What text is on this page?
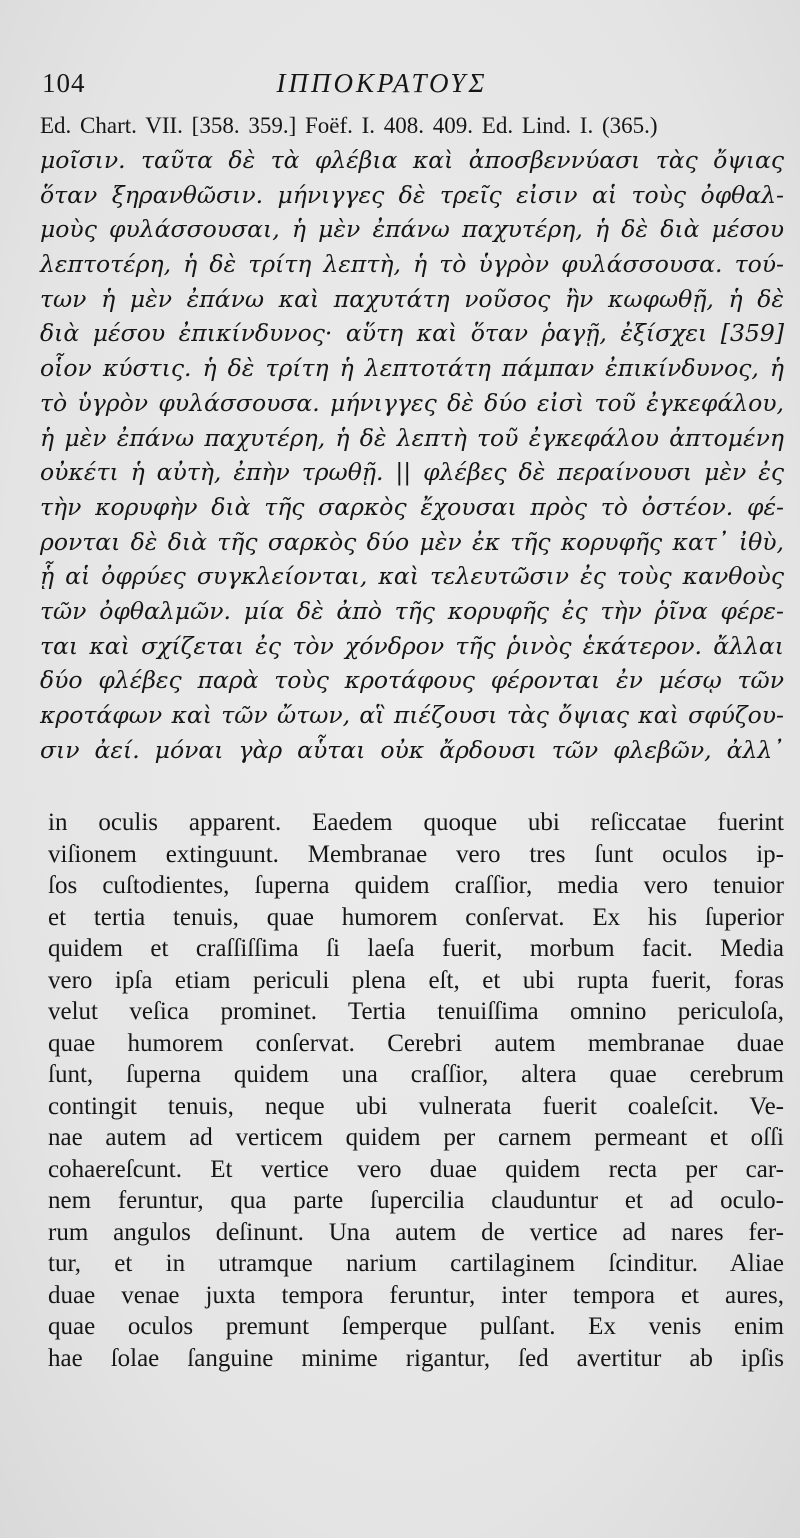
104	ΙΠΠΟΚΡΑΤΟΥΣ
Ed. Chart. VII. [358. 359.] Foëf. I. 408. 409. Ed. Lind. I. (365.)
μοῖσιν. ταῦτα δὲ τὰ φλέβια καὶ ἀποσβεννύασι τὰς ὄψιας
ὅταν ξηρανθῶσιν. μήνιγγες δὲ τρεῖς εἰσιν αἱ τοὺς ὀφθαλ-
μοὺς φυλάσσουσαι, ἡ μὲν ἐπάνω παχυτέρη, ἡ δὲ διὰ μέσου
λεπτοτέρη, ἡ δὲ τρίτη λεπτὴ, ἡ τὸ ὑγρὸν φυλάσσουσα. τού-
των ἡ μὲν ἐπάνω καὶ παχυτάτη νοῦσος ἢν κωφωθῇ, ἡ δὲ
διὰ μέσου ἐπικίνδυνος· αὕτη καὶ ὅταν ῥαγῇ, ἐξίσχει [359]
οἷον κύστις. ἡ δὲ τρίτη ἡ λεπτοτάτη πάμπαν ἐπικίνδυνος, ἡ
τὸ ὑγρὸν φυλάσσουσα. μήνιγγες δὲ δύο εἰσὶ τοῦ ἐγκεφάλου,
ἡ μὲν ἐπάνω παχυτέρη, ἡ δὲ λεπτὴ τοῦ ἐγκεφάλου ἀπτομένη
οὐκέτι ἡ αὐτὴ, ἐπὴν τρωθῇ. || φλέβες δὲ περαίνουσι μὲν ἐς
τὴν κορυφὴν διὰ τῆς σαρκὸς ἔχουσαι πρὸς τὸ ὀστέον. φέ-
ρονται δὲ διὰ τῆς σαρκὸς δύο μὲν ἐκ τῆς κορυφῆς κατ᾽ ἰθὺ,
ᾗ αἱ ὀφρύες συγκλείονται, καὶ τελευτῶσιν ἐς τοὺς κανθοὺς
τῶν ὀφθαλμῶν. μία δὲ ἀπὸ τῆς κορυφῆς ἐς τὴν ῥῖνα φέρε-
ται καὶ σχίζεται ἐς τὸν χόνδρον τῆς ῥινὸς ἑκάτερον. ἄλλαι
δύο φλέβες παρὰ τοὺς κροτάφους φέρονται ἐν μέσῳ τῶν
κροτάφων καὶ τῶν ὤτων, αἳ πιέζουσι τὰς ὄψιας καὶ σφύζου-
σιν ἀεί. μόναι γὰρ αὗται οὐκ ἄρδουσι τῶν φλεβῶν, ἀλλ᾽
in oculis apparent. Eaedem quoque ubi reſiccatae fuerint
viſionem extinguunt. Membranae vero tres ſunt oculos ip-
ſos cuſtodientes, ſuperna quidem craſſior, media vero tenuior
et tertia tenuis, quae humorem conſervat. Ex his ſuperior
quidem et craſſiſſima ſi laeſa fuerit, morbum facit. Media
vero ipſa etiam periculi plena eſt, et ubi rupta fuerit, foras
velut veſica prominet. Tertia tenuiſſima omnino periculoſa,
quae humorem conſervat. Cerebri autem membranae duae
ſunt, ſuperna quidem una craſſior, altera quae cerebrum
contingit tenuis, neque ubi vulnerata fuerit coaleſcit. Ve-
nae autem ad verticem quidem per carnem permeant et oſſi
cohaereſcunt. Et vertice vero duae quidem recta per car-
nem feruntur, qua parte ſupercilia clauduntur et ad oculo-
rum angulos deſinunt. Una autem de vertice ad nares fer-
tur, et in utramque narium cartilaginem ſcinditur. Aliae
duae venae juxta tempora feruntur, inter tempora et aures,
quae oculos premunt ſemperque pulſant. Ex venis enim
hae ſolae ſanguine minime rigantur, ſed avertitur ab ipſis
